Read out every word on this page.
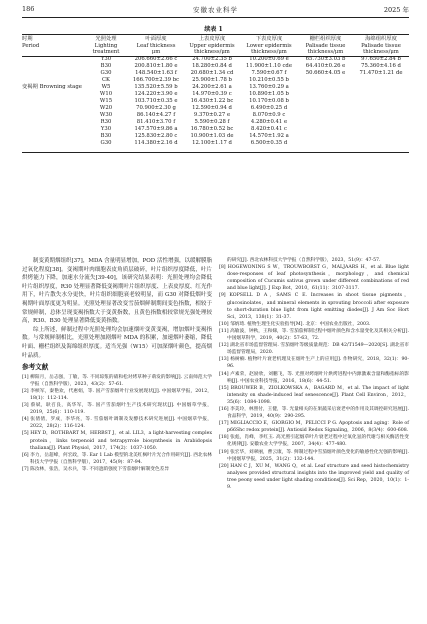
186	安徽农业科学	2025 年
续表 1
时期
Period	光照处理
Lighting
treatment	叶面厚度
Leaf thickness
μm	上表皮厚度
Upper epidermis
thickness/μm	下表皮厚度
Lower epidermis
thickness/μm	栅栏组织厚度
Palisade tissue
thickness/μm	海绵组织厚度
Palisade tissue
thickness/μm
	Y30	206.660±2.66 c	24.700±2.35 b	10.200±0.69 e	65.730±3.03 b	97.650±2.84 b
	B30	200.810±1.80 e	18.280±0.84 d	11.900±1.10 cde	64.410±0.26 e	75.360±4.16 d
	G30	148.540±1.63 f	20.680±1.34 cd	7.590±0.67 f	50.660±4.05 e	71.470±1.21 de
	CK	166.700±2.39 bc	25.900±1.78 b	10.210±0.55 b		
变褐期 Browning stage	W5	135.520±5.59 b	24.200±2.61 a	13.760±0.29 a		
	W10	124.220±3.90 e	14.970±0.39 c	10.890±1.05 b		
	W15	103.710±0.35 e	16.430±1.22 bc	10.170±0.08 b		
	W20	70.900±2.30 g	12.590±0.94 d	6.490±0.25 d		
	W30	86.140±4.27 f	9.370±0.27 e	8.070±0.9 c		
	R30	81.410±3.70 f	5.590±0.28 f	4.280±0.41 e		
	Y30	147.570±9.86 a	16.780±0.52 bc	8.420±0.41 c		
	B30	125.830±2.80 c	10.900±1.03 de	14.570±1.92 a		
	G30	114.380±2.16 d	12.100±1.17 d	6.500±0.35 d		

制变黄期烟组织[37]，MDA 含量明显增加，POD 活性增强，以缓解膜脂过氧化程度[38]。变褐期叶肉细胞表皮角质层破碎，叶片组织厚度降低，叶片烘烤能力下降，加速水分流失[39-40]，该研究结果表明：光照处理均会降低叶片组织厚度，R30 处理显著降低变褐期叶片组织厚度、上表皮厚度、红光作用下，叶片散失水分更快，叶片组织细胞衰老较明显，而 G30 对降低烟叶变褐期叶面厚度更为明显。光照处理显著改变雪茄烟鲜制期间变色指数，相较于常规鲜制，总体呈现变褐指数大于变黄指数，且黄色指数相较常规光强处理较高，R30、B30 处理显著降低变黄指数。

综上所述，鲜制过程中光照处理均会加速烟叶变黄变褐，增加烟叶变褐指数。与常规鲜制相比，光照处理加剧烟叶 MDA 的积累，加速烟叶萎缩，降低叶面、栅栏组织及海绵组织厚度。适当光强（W15）可加深烟叶颜色，提高烟叶品质。

参考文献
[1] 柳阳月，岳志强，丁敏，等. 不同琼浆的硝和松对烤草种子萌发的影响[J]. 云南师范大学学报（自然科学版），2023，43(2)：57-61.
[2] 李桢军，秦艳欢，代惠娟，等. 国产雪茄烟叶行业发展现状[J]. 中国烟草学报，2012，18(1)：112-114.
[3] 蔡斌，耿召良，高华军，等. 国产雪茄烟叶生产技术研究现状[J]. 中国烟草学报，2019，25(6)：110-119.
[4] 张倩倩，罗成，李华亮，等. 雪茄烟叶调制及发酵技术研究进展[J]. 中国烟草学报，2022，28(2)：116-124.
[5] HEY D，ROTHBART M，HERBST J，et al. LIL3，a light-harvesting complex protein，links terpenoid and tetrapyrrole biosynthesis in Arabidopsis thaliana[J]. Plant Physiol，2017，174(2)：1037-1050.
[6] 李力，岳超峰，何宏政，等. Ear 1 Lab 模型的北美红枫叶片光合作用研究[J]. 西北农林科技大学学报（自然科学版），2017，45(9)：87-94.
[7] 陈汝林，张浩，吴水兵，等. 不同遮荫强度下雪茄烟叶解制变色差异
的研究[J]. 西北农林科技大学学报（自然科学版），2023，51(9)：47-57.
[8] HOGEWONING S W，TROUWBORST G，MALJAARS H，et al. Blue light dose-responses of leaf photosynthesis，morphology，and chemical composition of Cucumis sativus grown under different combinations of red and blue light[J]. J Exp Bot，2010，61(11)：3107-3117.
[9] KOPSELL D A，SAMS C E. Increases in shoot tissue pigments，glucosinolates，and mineral elements in sprouting broccoli after exposure to short-duration blue light from light emitting diodes[J]. J Am Soc Hort Sci，2013，138(1)：31-37.
[10] 邹炳琦. 植物生理生化实验指导[M]. 北京：中国农业出版社，2003.
[11] 高敏波，钟秋，王和娣，等. 雪茄茄鲜制过程中烟叶颜色和含水量变化及其相关分析[J]. 中国烟草科学，2019，40(2)：57-63，72.
[12] 湖北省市场监督管理局. 雪茄烟叶等级质量规范：DB 42/T1549—2020[S]. 湖北省市场监督管理局，2020.
[13] 杨树楠. 植物叶片衰老机理及在烟叶生产上的应用[J]. 作物研究，2018，32(1)：90-96.
[14] 卢素荣，赵励欣，刘鹏飞，等. 光照对烤烟叶片烘烤进程中内源激素含量和酶指标的影响[J]. 中国农业科技导报，2016，18(6)：44-51.
[15] BROUWER B，ZIOLKOWSKA A，BAGARD M，et al. The impact of light intensity on shade-induced leaf senescence[J]. Plant Cell Environ，2012，35(6)：1084-1098.
[16] 李美玲，林照付，王健，等. 光量相关的在果蔬采后衰老中的作用及其调控研究进展[J]. 食品科学，2019，40(9)：290-295.
[17] MIGLIACCIO E，GIORGIO M，PELICCI P G. Apoptosis and aging：Role of p66Shc redox protein[J]. Antioxid Redox Signaling，2006，8(3/4)：600-608.
[18] 张彪，肖峰，李红玉. 高光照引起烟草叶片衰老过程中过氧化氢的代谢与相关酶活性变化规律[J]. 安徽农业大学学报，2007，34(4)：477-480.
[19] 张宏华，刘翠丽，曹云康，等. 鲜制过程中雪茄烟叶颜色变化的敏感性化光强的影响[J]. 中国烟草学报，2025，31(2)：132-144.
[20] HAN C J，XU M，WANG Q，et al. Leaf structure and seed histochemistry analyses provided structural insights into the improved yield and quality of tree peony seed under light shading conditions[J]. Sci Rep，2020，10(1)：1-9.
